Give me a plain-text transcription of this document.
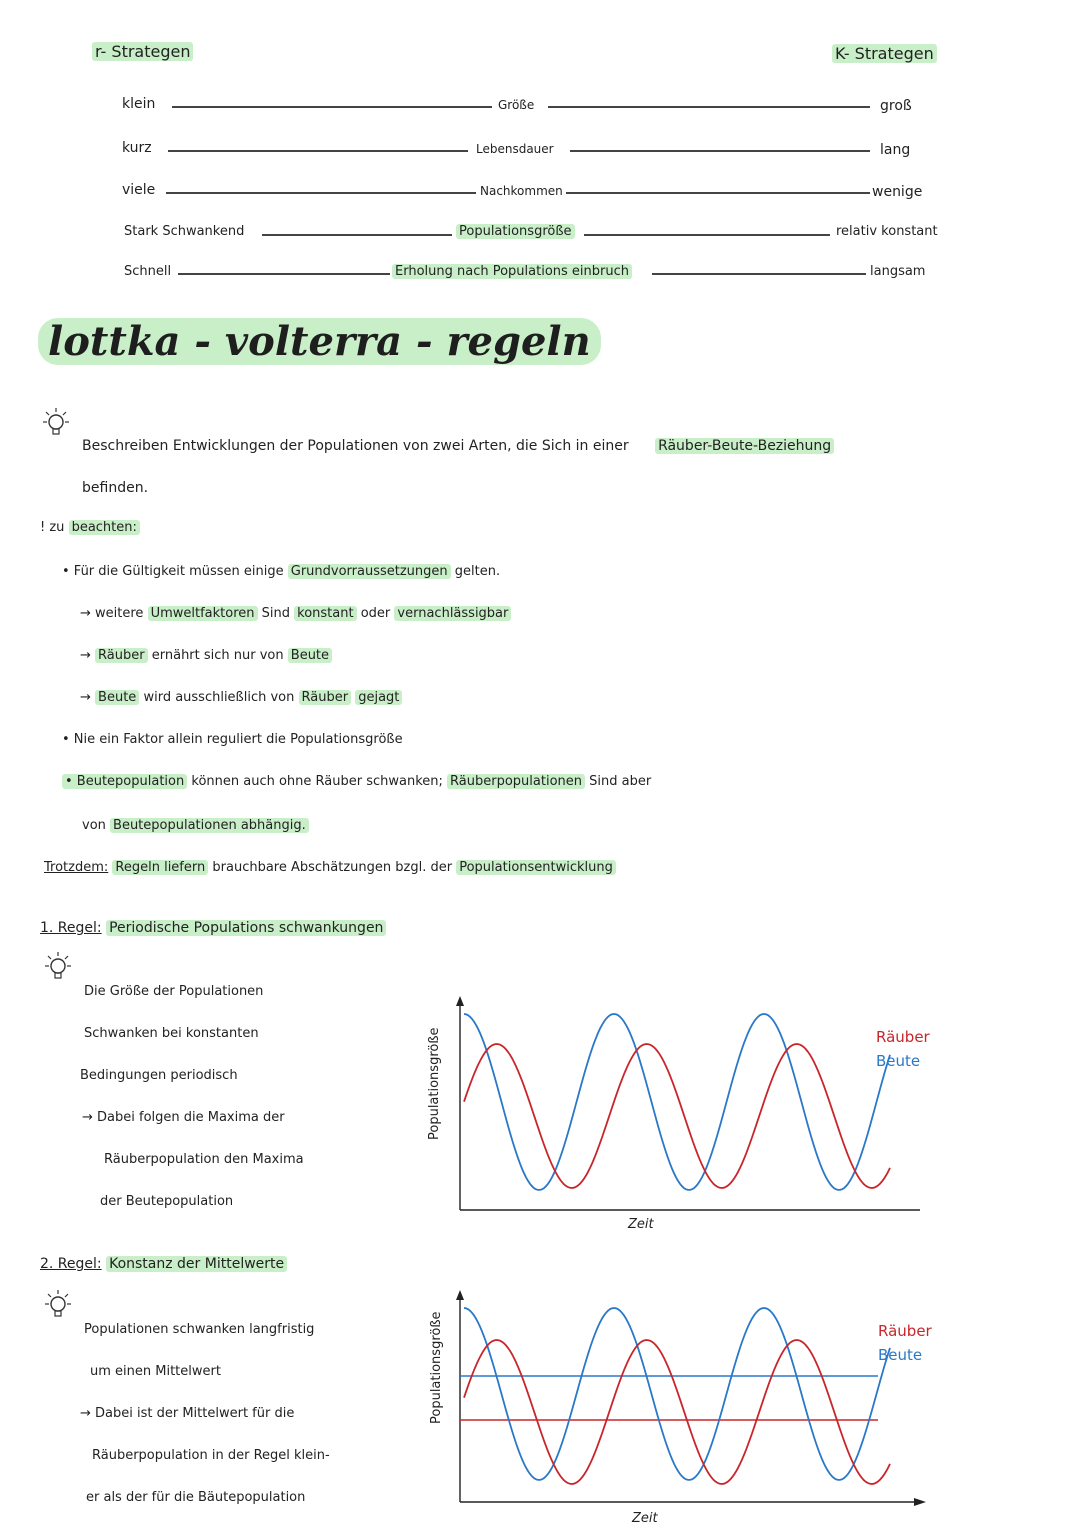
r- Strategen	K- Strategen
klein	Größe	groß
kurz	Lebensdauer	lang
viele	Nachkommen	wenige
Stark Schwankend	Populationsgröße	relativ konstant
Schnell	Erholung nach Populations einbruch	langsam
lottka - volterra - regeln
Beschreiben Entwicklungen der Populationen von zwei Arten, die Sich in einer Räuber-Beute-Beziehung
befinden.
! zu beachten:
• Für die Gültigkeit müssen einige Grundvorraussetzungen gelten.
→ weitere Umweltfaktoren Sind konstant oder vernachlässigbar
→ Räuber ernährt sich nur von Beute
→ Beute wird ausschließlich von Räuber gejagt
• Nie ein Faktor allein reguliert die Populationsgröße
• Beutepopulation können auch ohne Räuber schwanken; Räuberpopulationen Sind aber
von Beutepopulationen abhängig.
Trotzdem: Regeln liefern brauchbare Abschätzungen bzgl. der Populationsentwicklung
1. Regel: Periodische Populations schwankungen
Die Größe der Populationen
Schwanken bei konstanten
Bedingungen periodisch
→ Dabei folgen die Maxima der
Räuberpopulation den Maxima
der Beutepopulation
Populationsgröße
Zeit
Räuber
Beute
2. Regel: Konstanz der Mittelwerte
Populationen schwanken langfristig
um einen Mittelwert
→ Dabei ist der Mittelwert für die
Räuberpopulation in der Regel klein-
er als der für die Bäutepopulation
Populationsgröße
Zeit
Räuber
Beute
